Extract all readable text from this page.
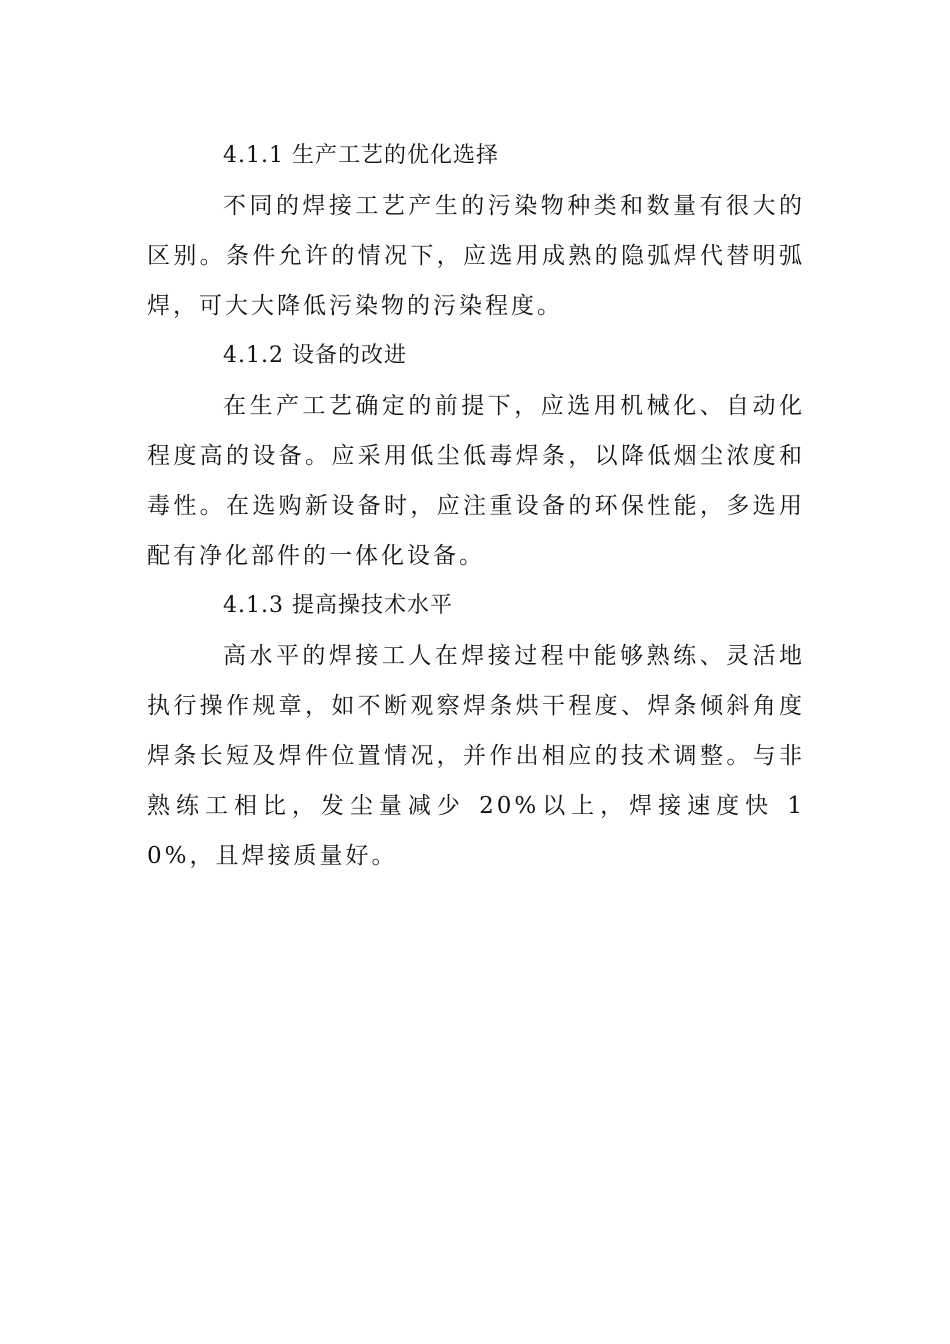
4.1.1 生产工艺的优化选择

不同的焊接工艺产生的污染物种类和数量有很大的区别。条件允许的情况下，应选用成熟的隐弧焊代替明弧焊，可大大降低污染物的污染程度。

4.1.2 设备的改进

在生产工艺确定的前提下，应选用机械化、自动化程度高的设备。应采用低尘低毒焊条，以降低烟尘浓度和毒性。在选购新设备时，应注重设备的环保性能，多选用配有净化部件的一体化设备。

4.1.3 提高操技术水平

高水平的焊接工人在焊接过程中能够熟练、灵活地执行操作规章，如不断观察焊条烘干程度、焊条倾斜角度焊条长短及焊件位置情况，并作出相应的技术调整。与非熟练工相比，发尘量减少 20%以上，焊接速度快 10%，且焊接质量好。
